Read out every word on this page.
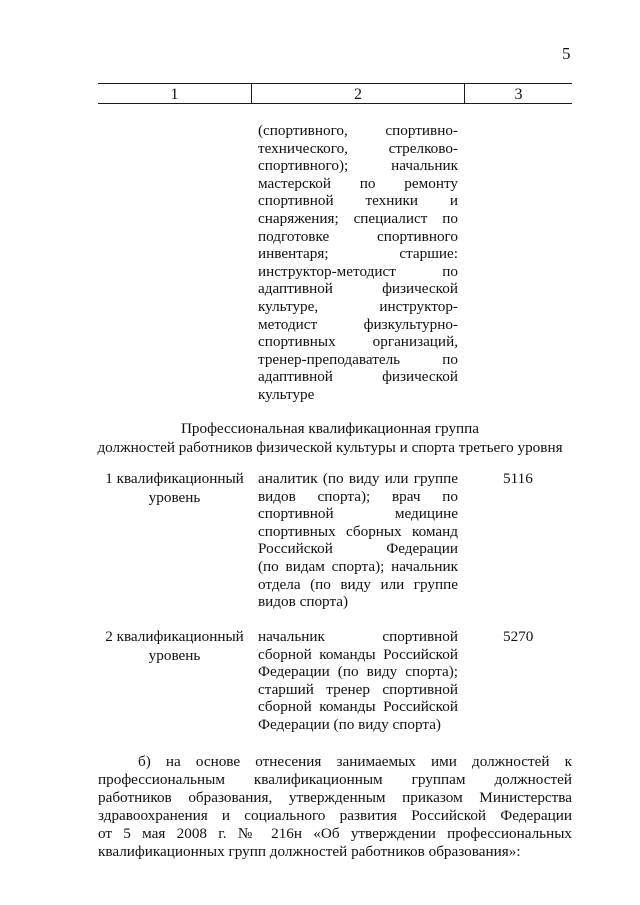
5
1	2	3
(спортивного, спортивно-
технического, стрелково-
спортивного); начальник
мастерской по ремонту
спортивной техники и
снаряжения; специалист по
подготовке спортивного
инвентаря; старшие:
инструктор-методист по
адаптивной физической
культуре, инструктор-
методист физкультурно-
спортивных организаций,
тренер-преподаватель по
адаптивной физической
культуре
Профессиональная квалификационная группа
должностей работников физической культуры и спорта третьего уровня
1 квалификационный
уровень
аналитик (по виду или группе
видов спорта); врач по
спортивной медицине
спортивных сборных команд
Российской Федерации
(по видам спорта); начальник
отдела (по виду или группе
видов спорта)
5116
2 квалификационный
уровень
начальник спортивной
сборной команды Российской
Федерации (по виду спорта);
старший тренер спортивной
сборной команды Российской
Федерации (по виду спорта)
5270
б) на основе отнесения занимаемых ими должностей к
профессиональным квалификационным группам должностей
работников образования, утвержденным приказом Министерства
здравоохранения и социального развития Российской Федерации
от 5 мая 2008 г. № 216н «Об утверждении профессиональных
квалификационных групп должностей работников образования»:
